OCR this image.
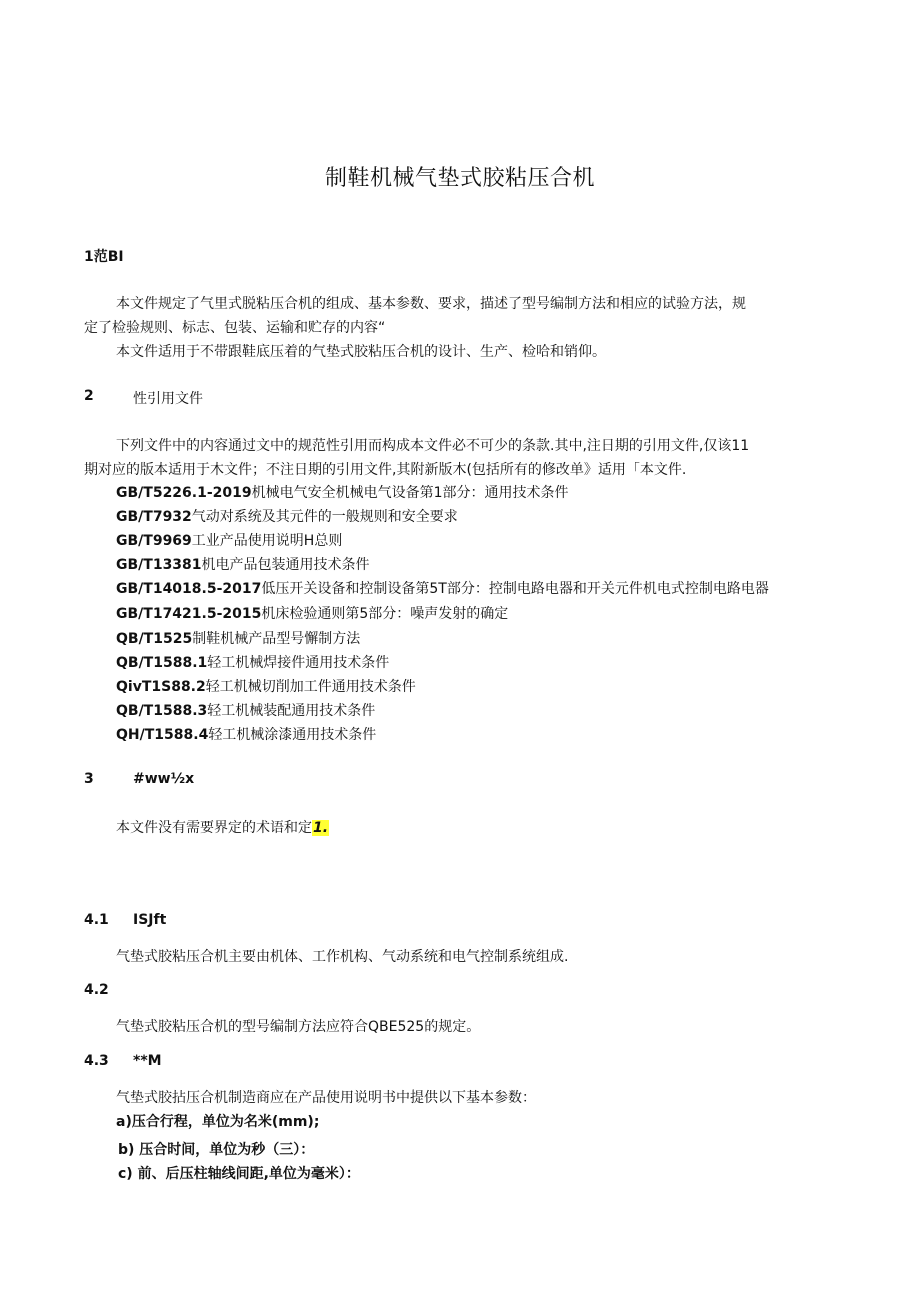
制鞋机械气垫式胶粘压合机
1范BI
本文件规定了气里式脱粘压合机的组成、基本参数、要求，描述了型号编制方法和相应的试验方法，规
定了检验规则、标志、包装、运输和贮存的内容“
本文件适用于不带跟鞋底压着的气垫式胶粘压合机的设计、生产、检哈和销仰。
2	性引用文件
下列文件中的内容通过文中的规范性引用而构成本文件必不可少的条款.其中,注日期的引用文件,仅该11
期对应的版本适用于木文件；不注日期的引用文件,其附新版木(包括所有的修改单》适用「本文件.
GB/T5226.1-2019机械电气安全机械电气设备第1部分：通用技术条件
GB/T7932气动对系统及其元件的一般规则和安全要求
GB/T9969工业产品使用说明H总则
GB/T13381机电产品包装通用技术条件
GB/T14018.5-2017低压开关设备和控制设备第5T部分：控制电路电器和开关元件机电式控制电路电器
GB/T17421.5-2015机床检验通则第5部分：噪声发射的确定
QB/T1525制鞋机械产品型号懈制方法
QB/T1588.1轻工机械焊接件通用技术条件
QivT1S88.2轻工机械切削加工件通用技术条件
QB/T1588.3轻工机械装配通用技术条件
QH/T1588.4轻工机械涂漆通用技术条件
3	#ww½x
本文件没有需要界定的术语和定1.
4.1 ISJft
气垫式胶粘压合机主要由机体、工作机构、气动系统和电气控制系统组成.
4.2
气垫式胶粘压合机的型号编制方法应符合QBE525的规定。
4.3 **M
气垫式胶拈压合机制造商应在产品使用说明书中提供以下基本参数：
a)压合行程，单位为名米(mm);
b) 压合时间，单位为秒（三）：
c) 前、后压柱轴线间距,单位为毫米）：
